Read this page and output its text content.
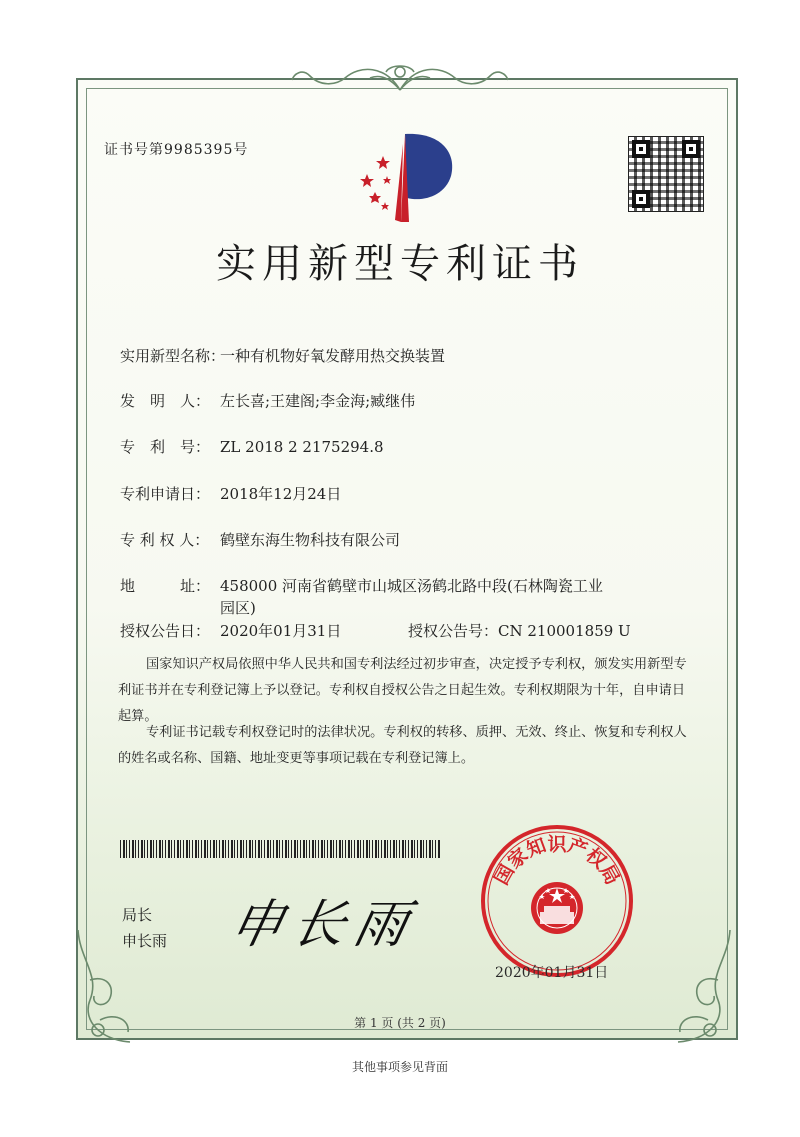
证书号第9985395号
实用新型专利证书
实用新型名称：一种有机物好氧发酵用热交换装置
发　明　人： 左长喜;王建阁;李金海;臧继伟
专　利　号： ZL 2018 2 2175294.8
专利申请日： 2018年12月24日
专 利 权 人： 鹤壁东海生物科技有限公司
地　　　址： 458000 河南省鹤壁市山城区汤鹤北路中段(石林陶瓷工业
园区)
授权公告日： 2020年01月31日	授权公告号：CN 210001859 U
国家知识产权局依照中华人民共和国专利法经过初步审查，决定授予专利权，颁发实用新型专利证书并在专利登记簿上予以登记。专利权自授权公告之日起生效。专利权期限为十年，自申请日起算。
专利证书记载专利权登记时的法律状况。专利权的转移、质押、无效、终止、恢复和专利权人的姓名或名称、国籍、地址变更等事项记载在专利登记簿上。
局长
申长雨 申长雨
国家知识产权局
2020年01月31日
第 1 页 (共 2 页)
其他事项参见背面
